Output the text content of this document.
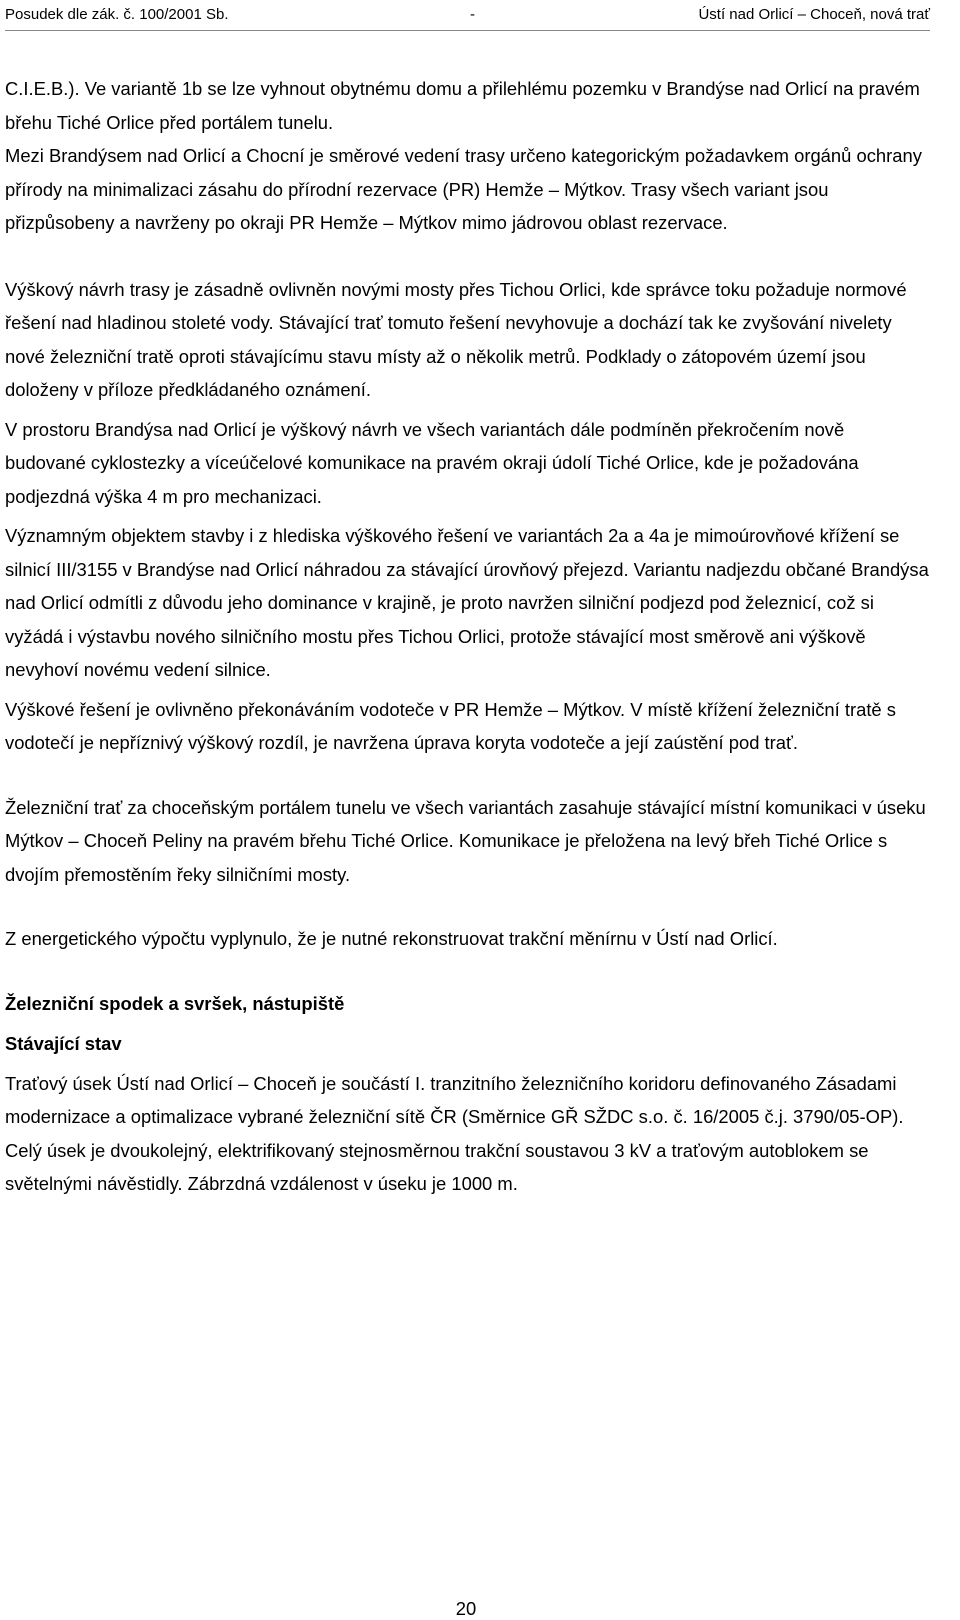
Posudek dle zák. č. 100/2001 Sb.	-	Ústí nad Orlicí – Choceň, nová trať

C.I.E.B.). Ve variantě 1b se lze vyhnout obytnému domu a přilehlému pozemku v Brandýse nad Orlicí na pravém břehu Tiché Orlice před portálem tunelu.

Mezi Brandýsem nad Orlicí a Chocní je směrové vedení trasy určeno kategorickým požadavkem orgánů ochrany přírody na minimalizaci zásahu do přírodní rezervace (PR) Hemže – Mýtkov. Trasy všech variant jsou přizpůsobeny a navrženy po okraji PR Hemže – Mýtkov mimo jádrovou oblast rezervace.

Výškový návrh trasy je zásadně ovlivněn novými mosty přes Tichou Orlici, kde správce toku požaduje normové řešení nad hladinou stoleté vody. Stávající trať tomuto řešení nevyhovuje a dochází tak ke zvyšování nivelety nové železniční tratě oproti stávajícímu stavu místy až o několik metrů. Podklady o zátopovém území jsou doloženy v příloze předkládaného oznámení.

V prostoru Brandýsa nad Orlicí je výškový návrh ve všech variantách dále podmíněn překročením nově budované cyklostezky a víceúčelové komunikace na pravém okraji údolí Tiché Orlice, kde je požadována podjezdná výška 4 m pro mechanizaci.

Významným objektem stavby i z hlediska výškového řešení ve variantách 2a a 4a je mimoúrovňové křížení se silnicí III/3155 v Brandýse nad Orlicí náhradou za stávající úrovňový přejezd. Variantu nadjezdu občané Brandýsa nad Orlicí odmítli z důvodu jeho dominance v krajině, je proto navržen silniční podjezd pod železnicí, což si vyžádá i výstavbu nového silničního mostu přes Tichou Orlici, protože stávající most směrově ani výškově nevyhoví novému vedení silnice.

Výškové řešení je ovlivněno překonáváním vodoteče v PR Hemže – Mýtkov. V místě křížení železniční tratě s vodotečí je nepříznivý výškový rozdíl, je navržena úprava koryta vodoteče a její zaústění pod trať.

Železniční trať za choceňským portálem tunelu ve všech variantách zasahuje stávající místní komunikaci v úseku Mýtkov – Choceň Peliny na pravém břehu Tiché Orlice. Komunikace je přeložena na levý břeh Tiché Orlice s dvojím přemostěním řeky silničními mosty.

Z energetického výpočtu vyplynulo, že je nutné rekonstruovat trakční měnírnu v Ústí nad Orlicí.

Železniční spodek a svršek, nástupiště

Stávající stav

Traťový úsek Ústí nad Orlicí – Choceň je součástí I. tranzitního železničního koridoru definovaného Zásadami modernizace a optimalizace vybrané železniční sítě ČR (Směrnice GŘ SŽDC s.o. č. 16/2005 č.j. 3790/05-OP). Celý úsek je dvoukolejný, elektrifikovaný stejnosměrnou trakční soustavou 3 kV a traťovým autoblokem se světelnými návěstidly. Zábrzdná vzdálenost v úseku je 1000 m.

20
